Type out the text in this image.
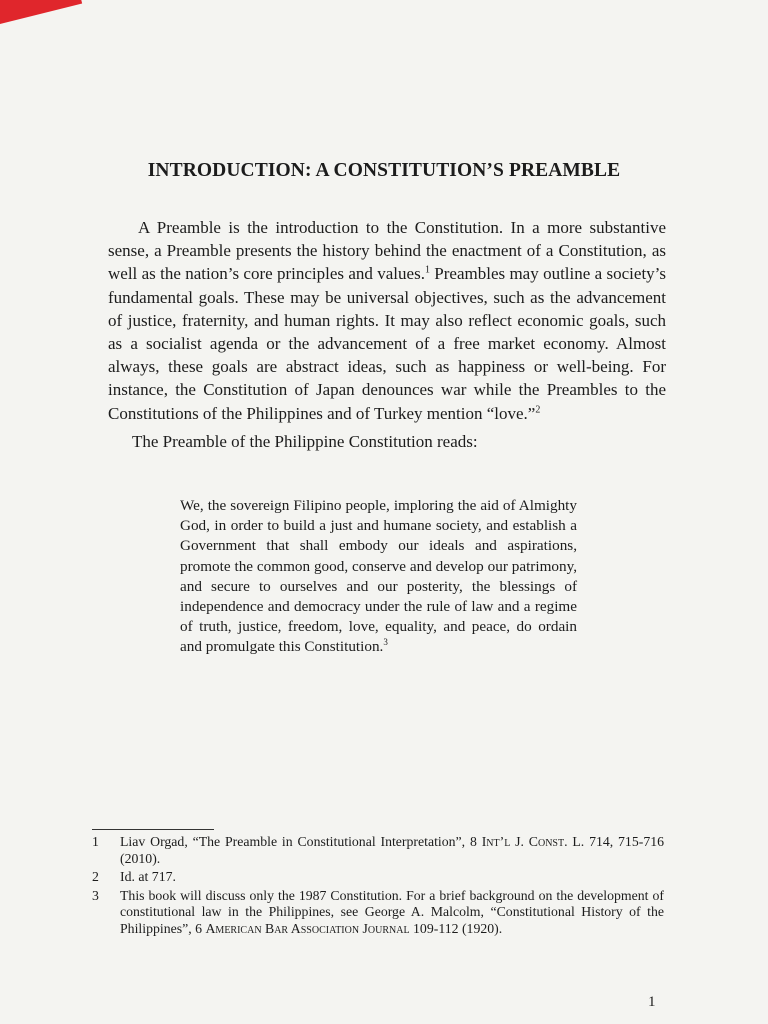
INTRODUCTION: A CONSTITUTION’S PREAMBLE

A Preamble is the introduction to the Constitution. In a more substantive sense, a Preamble presents the history behind the enactment of a Constitution, as well as the nation’s core principles and values.$^1$ Preambles may outline a society’s fundamental goals. These may be universal objectives, such as the advancement of justice, fraternity, and human rights. It may also reflect economic goals, such as a socialist agenda or the advancement of a free market economy. Almost always, these goals are abstract ideas, such as happiness or well-being. For instance, the Constitution of Japan denounces war while the Preambles to the Constitutions of the Philippines and of Turkey mention “love.”$^2$

The Preamble of the Philippine Constitution reads:

We, the sovereign Filipino people, imploring the aid of Almighty God, in order to build a just and humane society, and establish a Government that shall embody our ideals and aspirations, promote the common good, conserve and develop our patrimony, and secure to ourselves and our posterity, the blessings of independence and democracy under the rule of law and a regime of truth, justice, freedom, love, equality, and peace, do ordain and promulgate this Constitution.$^3$
1	Liav Orgad, “The Preamble in Constitutional Interpretation”, 8 Int’l J. Const. L. 714, 715-716 (2010).
2	Id. at 717.
3	This book will discuss only the 1987 Constitution. For a brief background on the development of constitutional law in the Philippines, see George A. Malcolm, “Constitutional History of the Philippines”, 6 American Bar Association Journal 109-112 (1920).
1
